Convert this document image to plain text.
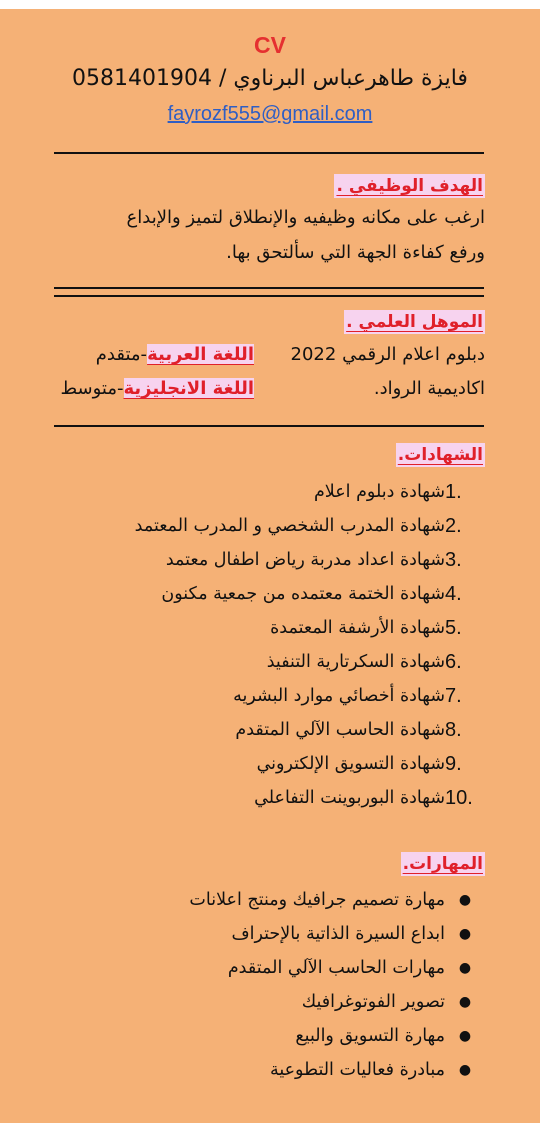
CV
فايزة طاهرعباس البرناوي / 0581401904
fayrozf555@gmail.com
الهدف الوظيفي .
ارغب على مكانه وظيفيه والإنطلاق لتميز والإبداع
ورفع كفاءة الجهة التي سألتحق بها.
الموهل العلمي .
دبلوم اعلام الرقمي 2022
اكاديمية الرواد.
اللغة العربية-متقدم
اللغة الانجليزية-متوسط
الشهادات.
1.
شهادة دبلوم اعلام
2.
شهادة المدرب الشخصي و المدرب المعتمد
3.
شهادة اعداد مدربة رياض اطفال معتمد
4.
شهادة الختمة معتمده من جمعية مكنون
5.
شهادة الأرشفة المعتمدة
6.
شهادة السكرتارية التنفيذ
7.
شهادة أخصائي موارد البشريه
8.
شهادة الحاسب الآلي المتقدم
9.
شهادة التسويق الإلكتروني
10.
شهادة البوربوينت التفاعلي
المهارات.
●
مهارة تصميم جرافيك ومنتج اعلانات
●
ابداع السيرة الذاتية بالإحتراف
●
مهارات الحاسب الآلي المتقدم
●
تصوير الفوتوغرافيك
●
مهارة التسويق والبيع
●
مبادرة فعاليات التطوعية
